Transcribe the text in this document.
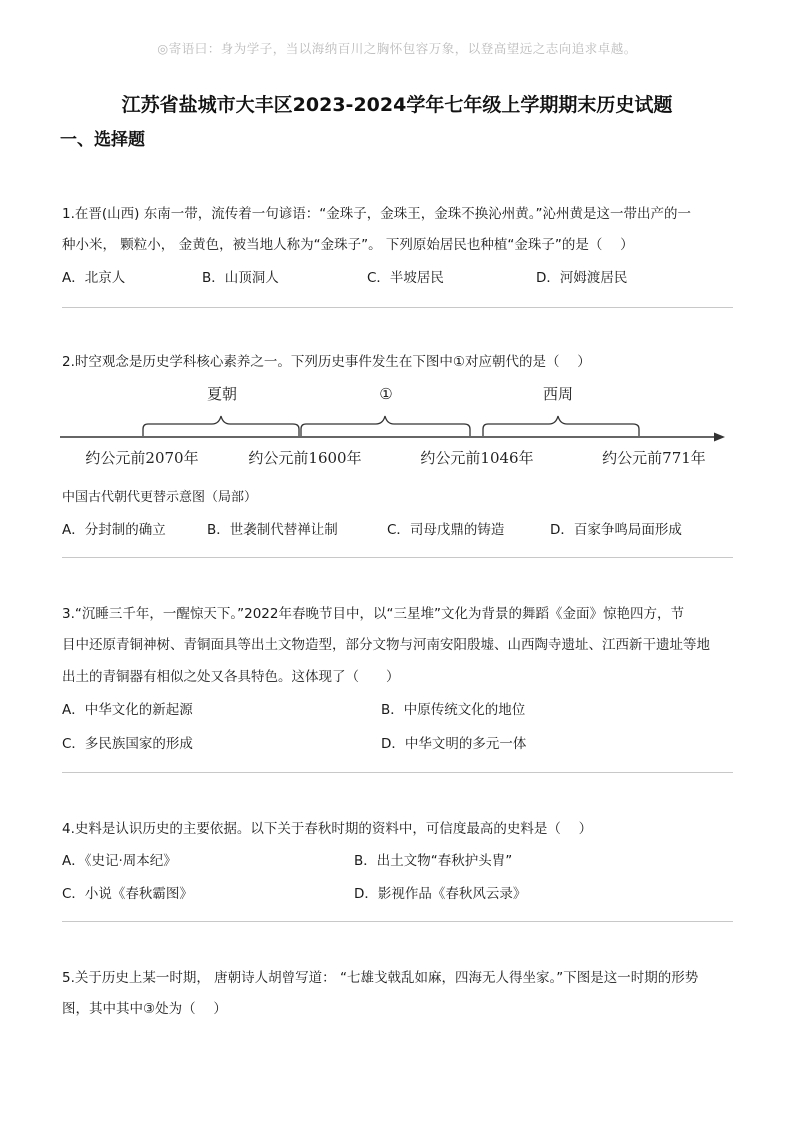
◎寄语曰：身为学子，当以海纳百川之胸怀包容万象，以登高望远之志向追求卓越。
江苏省盐城市大丰区2023-2024学年七年级上学期期末历史试题
一、选择题
1.在晋(山西) 东南一带，流传着一句谚语：“金珠子，金珠王，金珠不换沁州黄。”沁州黄是这一带出产的一
种小米， 颗粒小， 金黄色，被当地人称为“金珠子”。 下列原始居民也种植“金珠子”的是（　 ）
A．北京人	B．山顶洞人	C．半坡居民	D．河姆渡居民
2.时空观念是历史学科核心素养之一。下列历史事件发生在下图中①对应朝代的是（　 ）
夏朝	①	西周
约公元前2070年	约公元前1600年	约公元前1046年	约公元前771年
中国古代朝代更替示意图（局部）
A．分封制的确立	B．世袭制代替禅让制	C．司母戊鼎的铸造	D．百家争鸣局面形成
3.“沉睡三千年，一醒惊天下。”2022年春晚节目中，以“三星堆”文化为背景的舞蹈《金面》惊艳四方，节
目中还原青铜神树、青铜面具等出土文物造型，部分文物与河南安阳殷墟、山西陶寺遗址、江西新干遗址等地
出土的青铜器有相似之处又各具特色。这体现了（　　）
A．中华文化的新起源	B．中原传统文化的地位
C．多民族国家的形成	D．中华文明的多元一体
4.史料是认识历史的主要依据。以下关于春秋时期的资料中，可信度最高的史料是（　 ）
A．《史记·周本纪》	B．出土文物“春秋护头胄”
C．小说《春秋霸图》	D．影视作品《春秋风云录》
5.关于历史上某一时期， 唐朝诗人胡曾写道： “七雄戈戟乱如麻，四海无人得坐家。”下图是这一时期的形势
图，其中其中③处为（　 ）
